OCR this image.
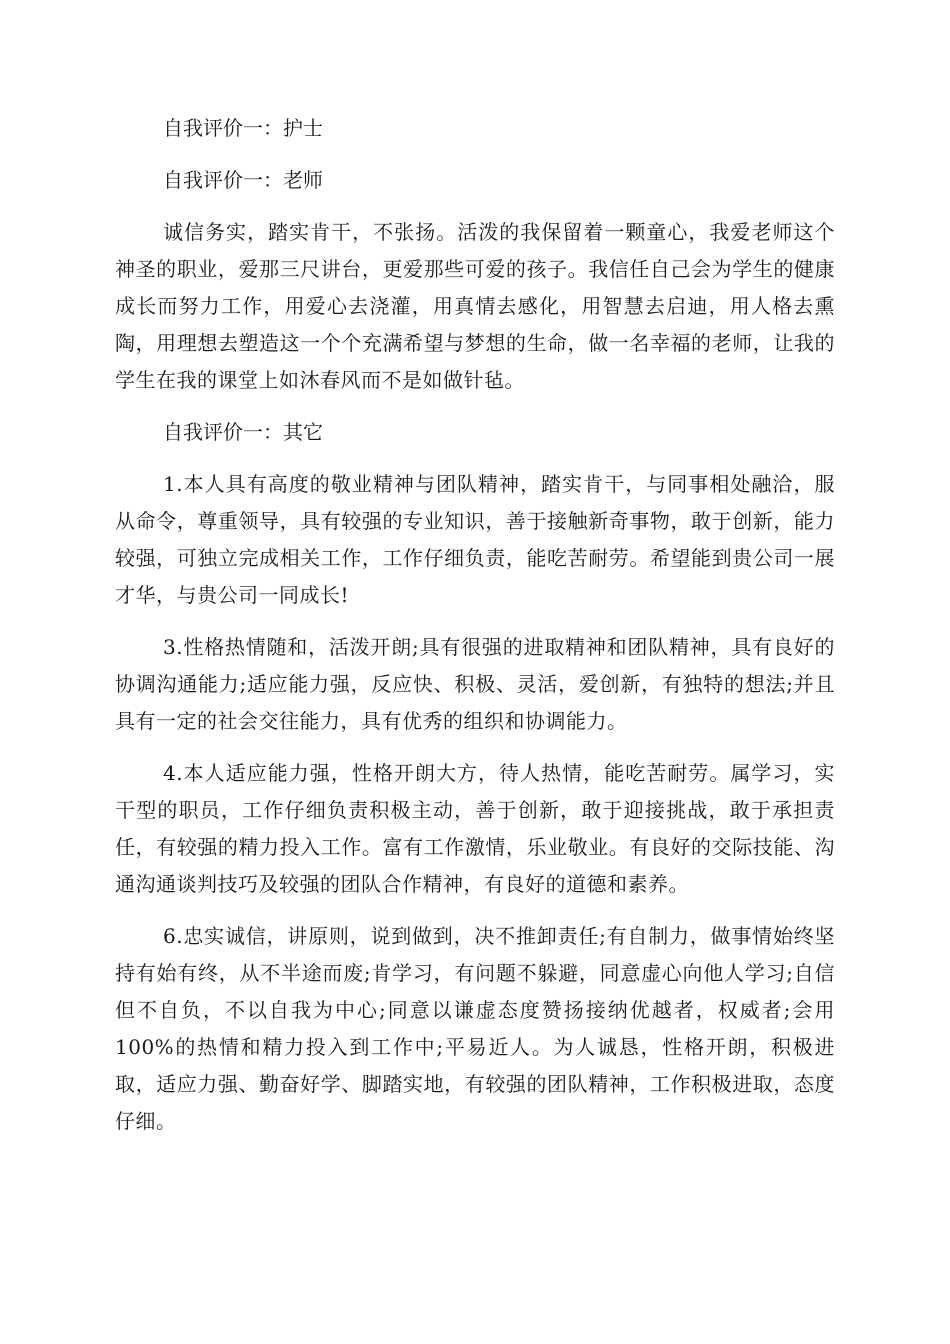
自我评价一：护士

自我评价一：老师

诚信务实，踏实肯干，不张扬。活泼的我保留着一颗童心，我爱老师这个神圣的职业，爱那三尺讲台，更爱那些可爱的孩子。我信任自己会为学生的健康成长而努力工作，用爱心去浇灌，用真情去感化，用智慧去启迪，用人格去熏陶，用理想去塑造这一个个充满希望与梦想的生命，做一名幸福的老师，让我的学生在我的课堂上如沐春风而不是如做针毡。

自我评价一：其它

1.本人具有高度的敬业精神与团队精神，踏实肯干，与同事相处融洽，服从命令，尊重领导，具有较强的专业知识，善于接触新奇事物，敢于创新，能力较强，可独立完成相关工作，工作仔细负责，能吃苦耐劳。希望能到贵公司一展才华，与贵公司一同成长!

3.性格热情随和，活泼开朗;具有很强的进取精神和团队精神，具有良好的协调沟通能力;适应能力强，反应快、积极、灵活，爱创新，有独特的想法;并且具有一定的社会交往能力，具有优秀的组织和协调能力。

4.本人适应能力强，性格开朗大方，待人热情，能吃苦耐劳。属学习，实干型的职员，工作仔细负责积极主动，善于创新，敢于迎接挑战，敢于承担责任，有较强的精力投入工作。富有工作激情，乐业敬业。有良好的交际技能、沟通沟通谈判技巧及较强的团队合作精神，有良好的道德和素养。

6.忠实诚信，讲原则，说到做到，决不推卸责任;有自制力，做事情始终坚持有始有终，从不半途而废;肯学习，有问题不躲避，同意虚心向他人学习;自信但不自负，不以自我为中心;同意以谦虚态度赞扬接纳优越者，权威者;会用100%的热情和精力投入到工作中;平易近人。为人诚恳，性格开朗，积极进取，适应力强、勤奋好学、脚踏实地，有较强的团队精神，工作积极进取，态度仔细。
